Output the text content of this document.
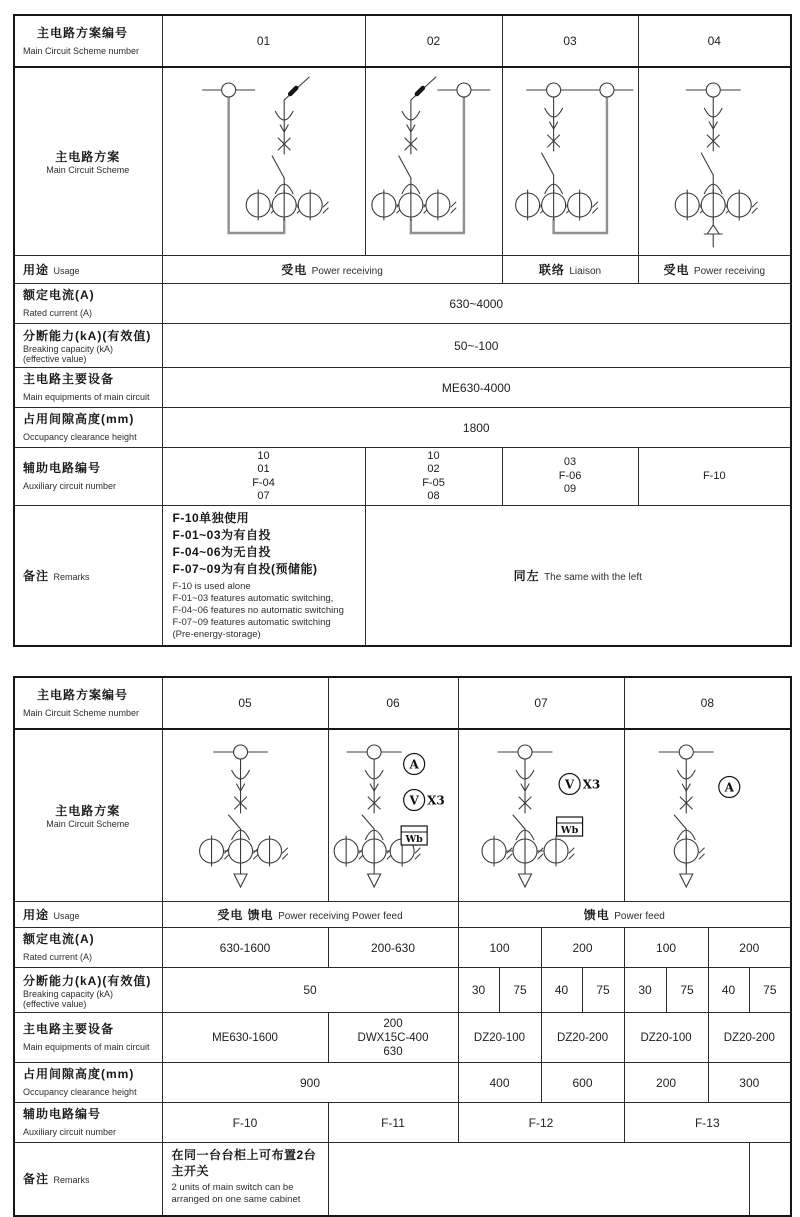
主电路方案编号
Main Circuit Scheme number	01	02	03	04

主电路方案
Main Circuit Scheme

用途 Usage	受电 Power receiving		联络 Liaison	受电 Power receiving

额定电流(A)
Rated current (A)	630~4000			

分断能力(kA)(有效值)
Breaking capacity (kA)
(effective value)	50~-100			

主电路主要设备
Main equipments of main circuit	ME630-4000			

占用间隙高度(mm)
Occupancy clearance height	1800			

辅助电路编号
Auxiliary circuit number	10
01
F-04
07	10
02
F-05
08	03
F-06
09	F-10
备注 Remarks	
F-10单独使用
F-01~03为有自投
F-04~06为无自投
F-07~09为有自投(预储能)
F-10 is used alone
F-01~03 features automatic switching,
F-04~06 features no automatic switching
F-07~09 features automatic switching
(Pre-energy-storage)
	同左 The same with the left
主电路方案编号
Main Circuit Scheme number	05	06	07				08			

主电路方案
Main Circuit Scheme		A
V X3
Wb	V X3
Wb				A			

用途 Usage	受电 馈电 Power receiving Power feed		馈电 Power feed							

额定电流(A)
Rated current (A)	630-1600	200-630	100		200		100		200	

分断能力(kA)(有效值)
Breaking capacity (kA)
(effective value)	50		30	75	40	75	30	75	40	75

主电路主要设备
Main equipments of main circuit	ME630-1600	200
DWX15C-400
630	DZ20-100		DZ20-200		DZ20-100		DZ20-200	

占用间隙高度(mm)
Occupancy clearance height	900		400		600		200		300	

辅助电路编号
Auxiliary circuit number	F-10	F-11	F-12				F-13			
备注 Remarks	在同一台台柜上可布置2台
主开关
2 units of main switch can be
arranged on one same cabinet									
